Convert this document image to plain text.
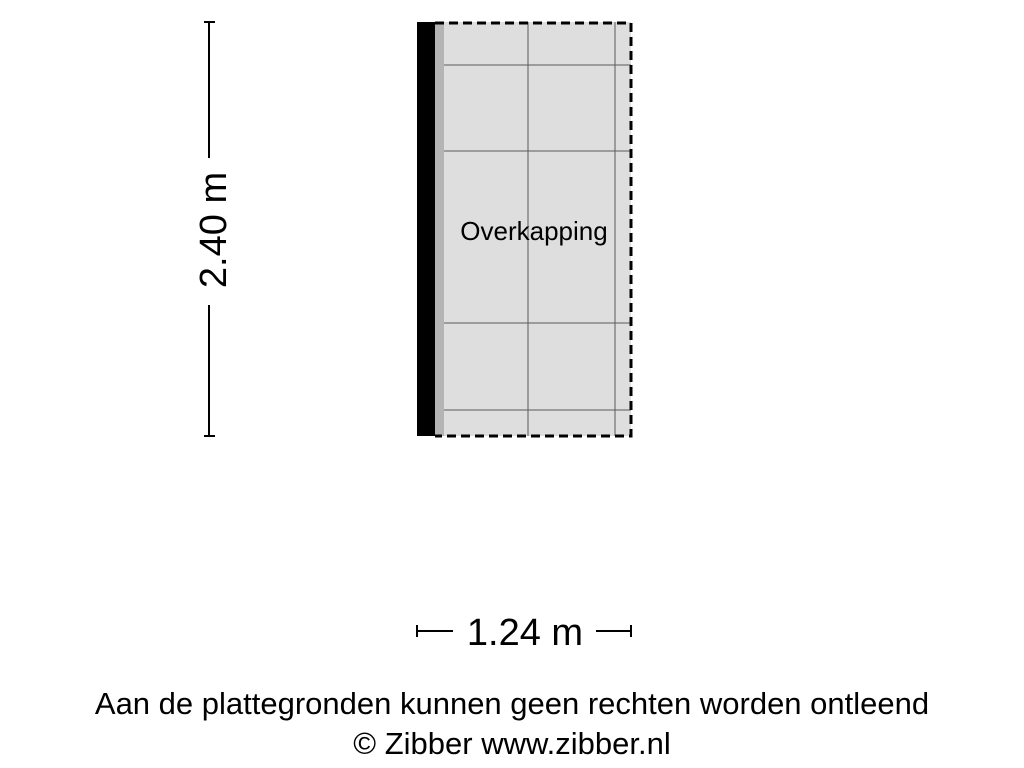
Overkapping
2.40 m
1.24 m
Aan de plattegronden kunnen geen rechten worden ontleend
© Zibber www.zibber.nl
